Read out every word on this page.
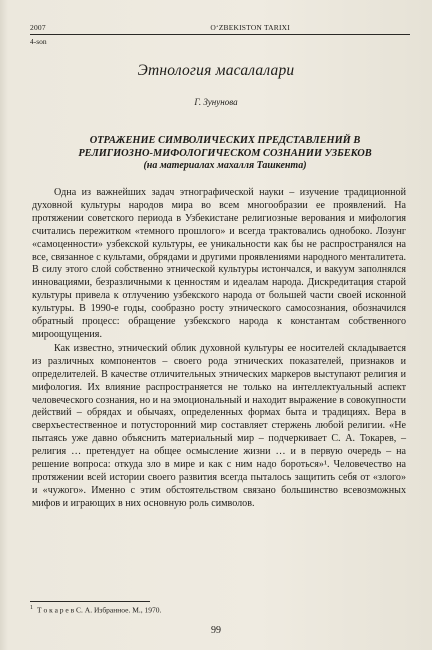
2007	O‘ZBEKISTON TARIXI
4-son
Этнология масалалари
Г. Зунунова
ОТРАЖЕНИЕ СИМВОЛИЧЕСКИХ ПРЕДСТАВЛЕНИЙ В
РЕЛИГИОЗНО-МИФОЛОГИЧЕСКОМ СОЗНАНИИ УЗБЕКОВ
(на материалах махалля Ташкента)

Одна из важнейших задач этнографической науки – изучение традиционной духовной культуры народов мира во всем многообразии ее проявлений. На протяжении советского периода в Узбекистане религиозные верования и мифология считались пережитком «темного прошлого» и всегда трактовались однобоко. Лозунг «самоценности» узбекской культуры, ее уникальности как бы не распространялся на все, связанное с культами, обрядами и другими проявлениями народного менталитета. В силу этого слой собственно этнической культуры истончался, и вакуум заполнялся инновациями, безразличными к ценностям и идеалам народа. Дискредитация старой культуры привела к отлучению узбекского народа от большей части своей исконной культуры. В 1990-е годы, сообразно росту этнического самосознания, обозначился обратный процесс: обращение узбекского народа к константам собственного мироощущения.

Как известно, этнический облик духовной культуры ее носителей складывается из различных компонентов – своего рода этнических показателей, признаков и определителей. В качестве отличительных этнических маркеров выступают религия и мифология. Их влияние распространяется не только на интеллектуальный аспект человеческого сознания, но и на эмоциональный и находит выражение в совокупности действий – обрядах и обычаях, определенных формах быта и традициях. Вера в сверхъестественное и потусторонний мир составляет стержень любой религии. «Не пытаясь уже давно объяснить материальный мир – подчеркивает С. А. Токарев, – религия … претендует на общее осмысление жизни … и в первую очередь – на решение вопроса: откуда зло в мире и как с ним надо бороться»¹. Человечество на протяжении всей истории своего развития всегда пыталось защитить себя от «злого» и «чужого». Именно с этим обстоятельством связано большинство всевозможных мифов и играющих в них основную роль символов.

$^1$ Т о к а р е в С. А. Избранное. М., 1970.
99
